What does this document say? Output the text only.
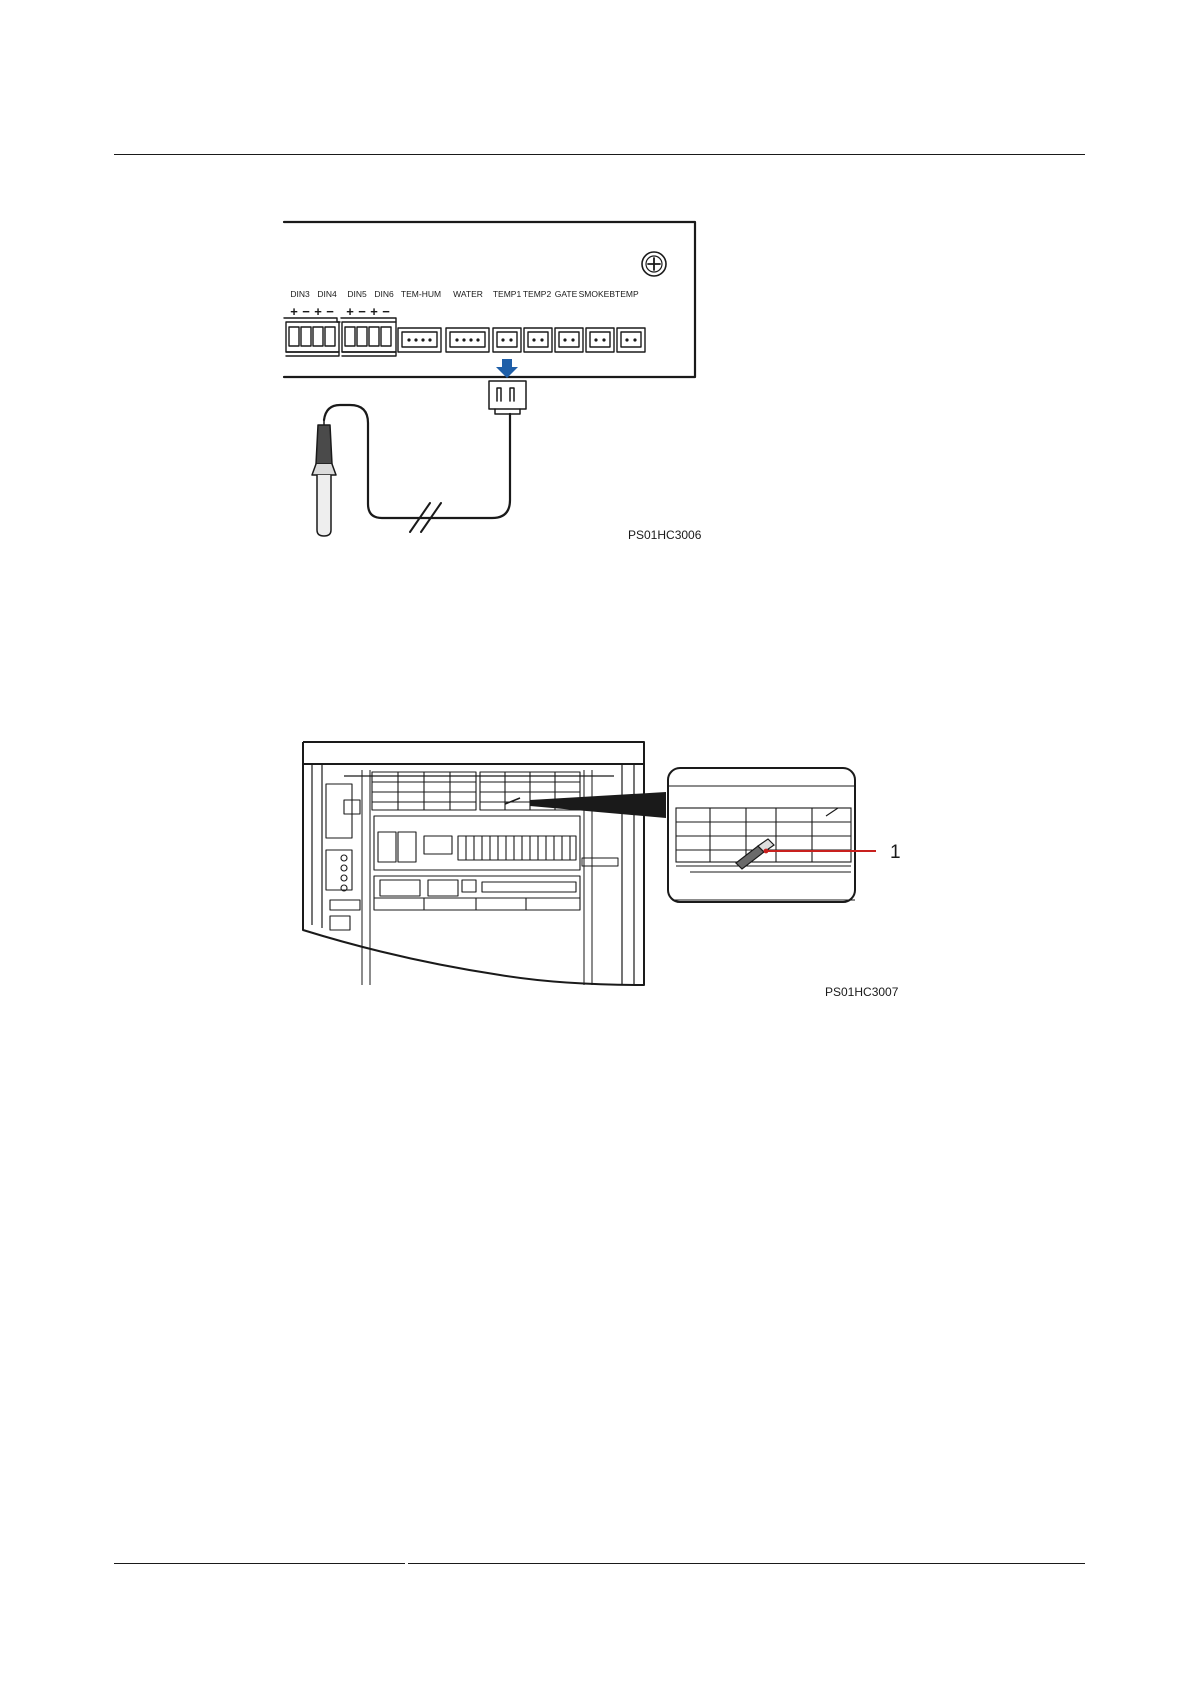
DIN3 DIN4 DIN5 DIN6 TEM-HUM WATER TEMP1 TEMP2 GATE SMOKE BTEMP
+ − + − + − + −
PS01HC3006
1
PS01HC3007
